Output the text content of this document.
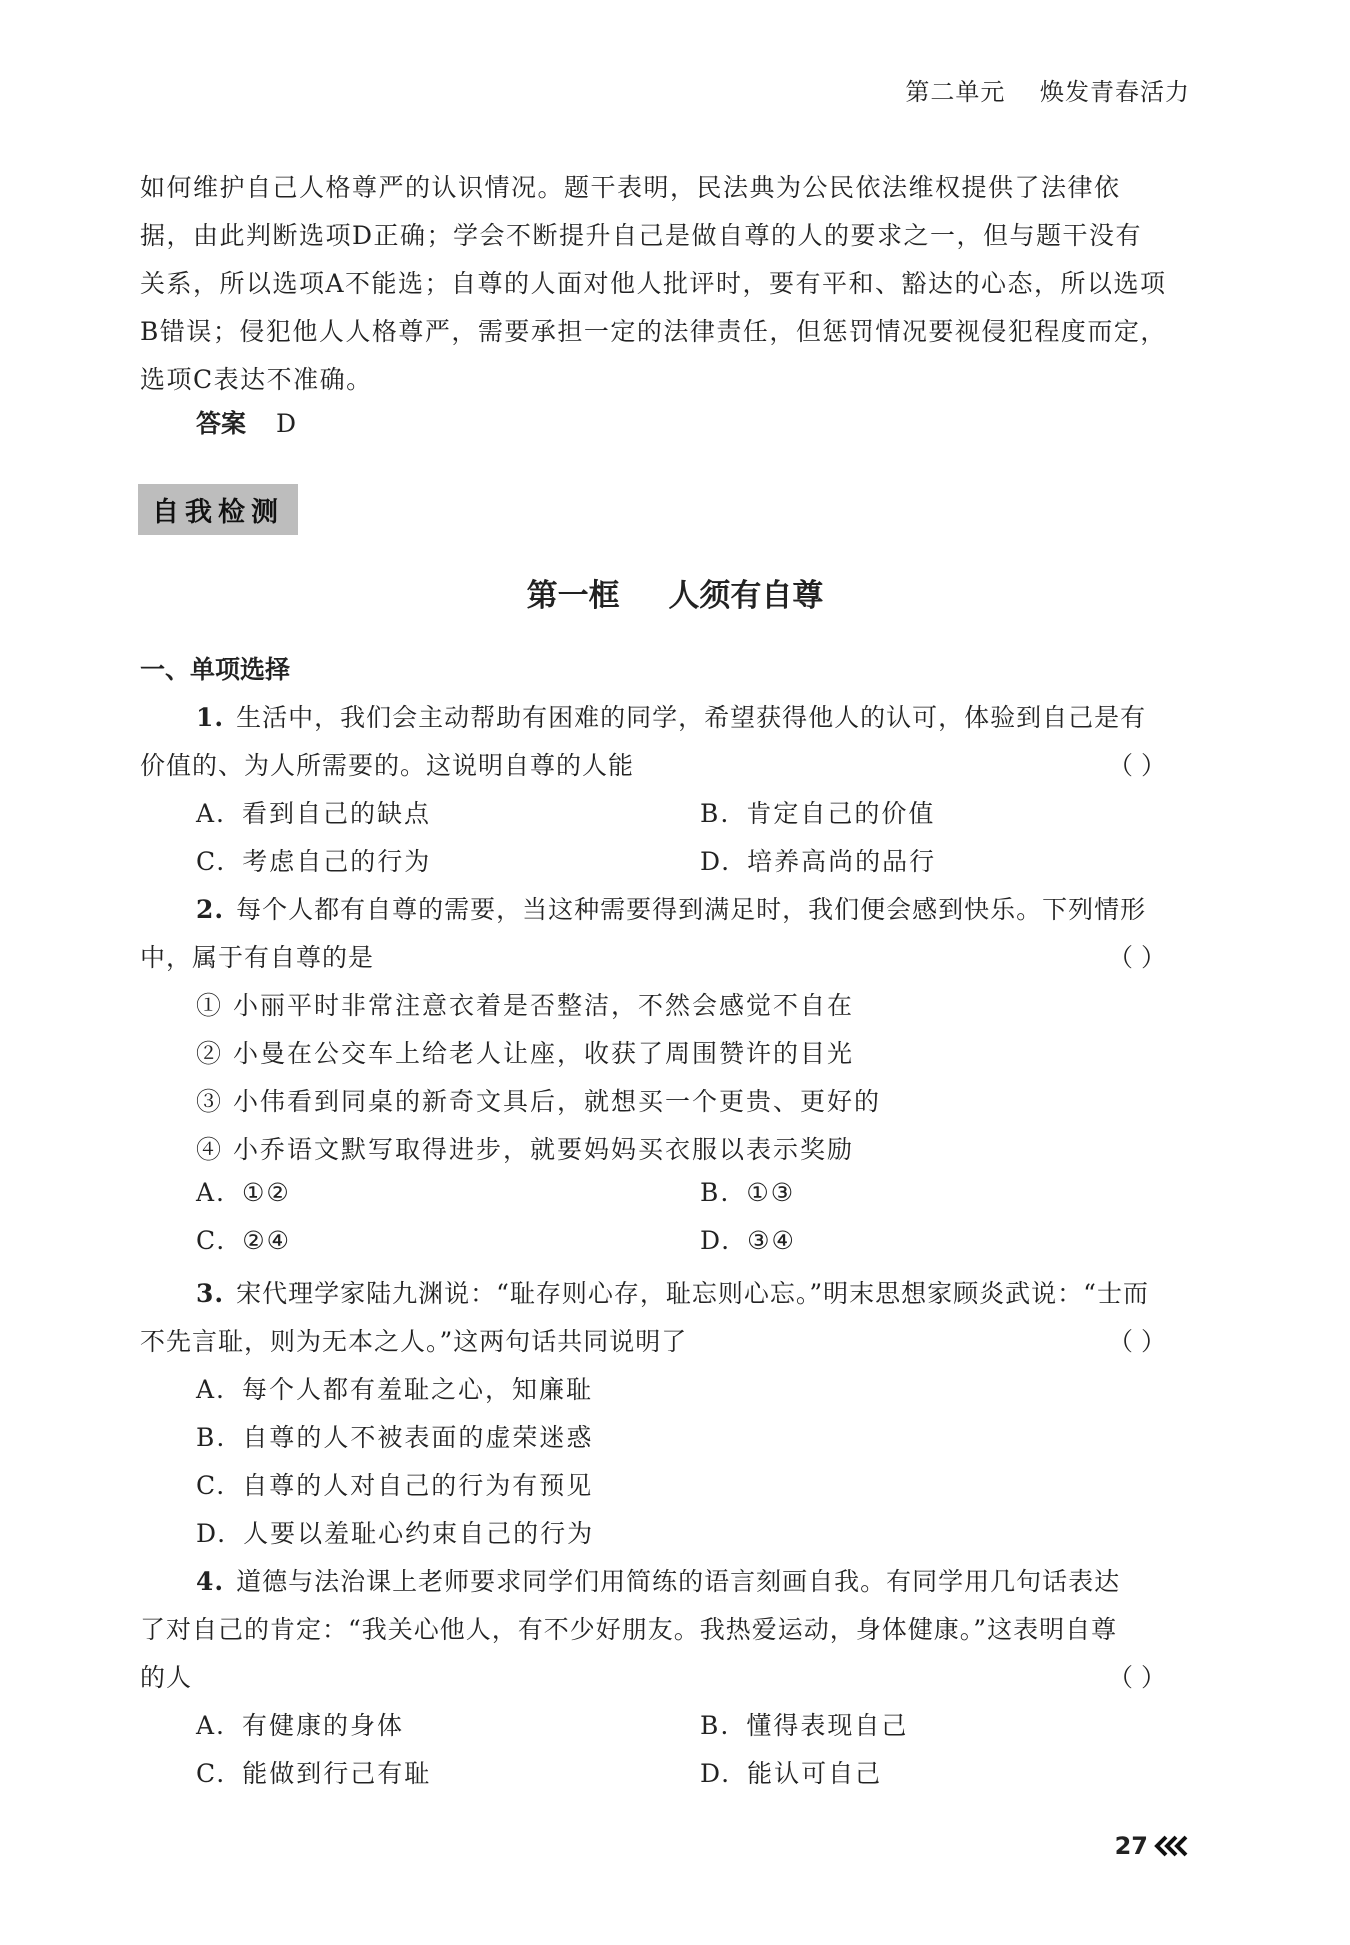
第二单元 焕发青春活力
如何维护自己人格尊严的认识情况。题干表明，民法典为公民依法维权提供了法律依
据，由此判断选项D正确；学会不断提升自己是做自尊的人的要求之一，但与题干没有
关系，所以选项A不能选；自尊的人面对他人批评时，要有平和、豁达的心态，所以选项
B错误；侵犯他人人格尊严，需要承担一定的法律责任，但惩罚情况要视侵犯程度而定，
选项C表达不准确。
答案 D
自我检测
第一框 人须有自尊
一、单项选择
1. 生活中，我们会主动帮助有困难的同学，希望获得他人的认可，体验到自己是有
价值的、为人所需要的。这说明自尊的人能	（ ）
A. 看到自己的缺点	B. 肯定自己的价值
C. 考虑自己的行为	D. 培养高尚的品行
2. 每个人都有自尊的需要，当这种需要得到满足时，我们便会感到快乐。下列情形
中，属于有自尊的是	（ ）
① 小丽平时非常注意衣着是否整洁，不然会感觉不自在
② 小曼在公交车上给老人让座，收获了周围赞许的目光
③ 小伟看到同桌的新奇文具后，就想买一个更贵、更好的
④ 小乔语文默写取得进步，就要妈妈买衣服以表示奖励
A. ①②	B. ①③
C. ②④	D. ③④
3. 宋代理学家陆九渊说：“耻存则心存，耻忘则心忘。”明末思想家顾炎武说：“士而
不先言耻，则为无本之人。”这两句话共同说明了	（ ）
A. 每个人都有羞耻之心，知廉耻
B. 自尊的人不被表面的虚荣迷惑
C. 自尊的人对自己的行为有预见
D. 人要以羞耻心约束自己的行为
4. 道德与法治课上老师要求同学们用简练的语言刻画自我。有同学用几句话表达
了对自己的肯定：“我关心他人，有不少好朋友。我热爱运动，身体健康。”这表明自尊
的人	（ ）
A. 有健康的身体	B. 懂得表现自己
C. 能做到行己有耻	D. 能认可自己
27
